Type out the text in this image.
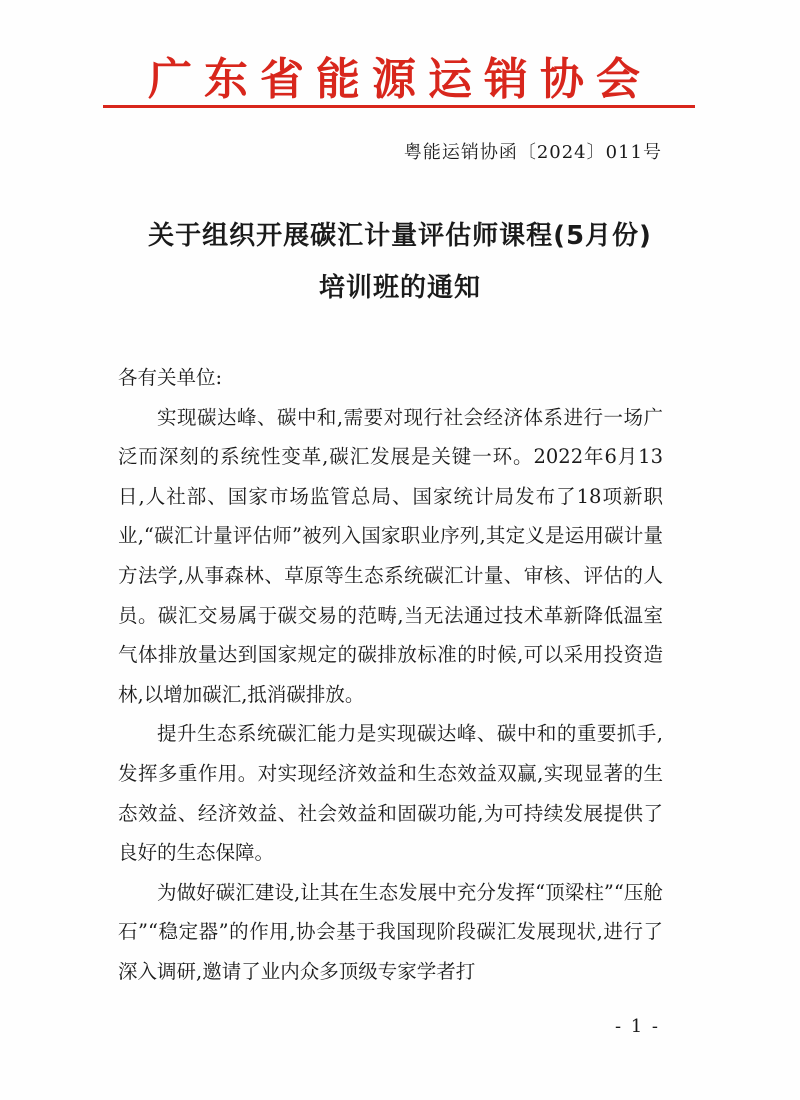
广东省能源运销协会
粤能运销协函〔2024〕011号
关于组织开展碳汇计量评估师课程(5月份)
培训班的通知

各有关单位:

实现碳达峰、碳中和,需要对现行社会经济体系进行一场广泛而深刻的系统性变革,碳汇发展是关键一环。2022年6月13日,人社部、国家市场监管总局、国家统计局发布了18项新职业,“碳汇计量评估师”被列入国家职业序列,其定义是运用碳计量方法学,从事森林、草原等生态系统碳汇计量、审核、评估的人员。碳汇交易属于碳交易的范畴,当无法通过技术革新降低温室气体排放量达到国家规定的碳排放标准的时候,可以采用投资造林,以增加碳汇,抵消碳排放。

提升生态系统碳汇能力是实现碳达峰、碳中和的重要抓手,发挥多重作用。对实现经济效益和生态效益双赢,实现显著的生态效益、经济效益、社会效益和固碳功能,为可持续发展提供了良好的生态保障。

为做好碳汇建设,让其在生态发展中充分发挥“顶梁柱”“压舱石”“稳定器”的作用,协会基于我国现阶段碳汇发展现状,进行了深入调研,邀请了业内众多顶级专家学者打

- 1 -
